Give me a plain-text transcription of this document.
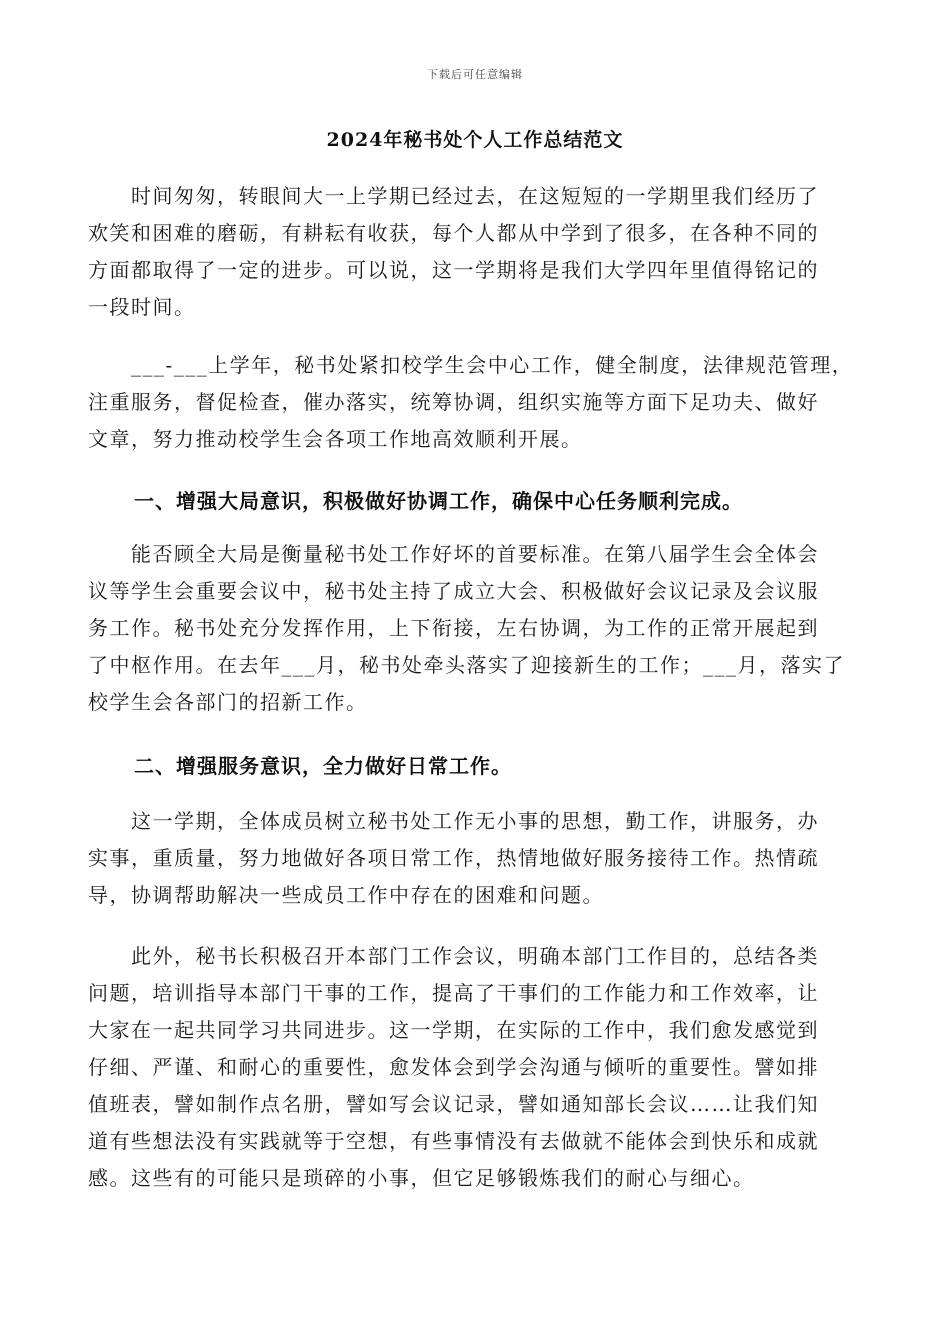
下载后可任意编辑
2024年秘书处个人工作总结范文

　　时间匆匆，转眼间大一上学期已经过去，在这短短的一学期里我们经历了
欢笑和困难的磨砺，有耕耘有收获，每个人都从中学到了很多，在各种不同的
方面都取得了一定的进步。可以说，这一学期将是我们大学四年里值得铭记的
一段时间。

　　___-___上学年，秘书处紧扣校学生会中心工作，健全制度，法律规范管理，
注重服务，督促检查，催办落实，统筹协调，组织实施等方面下足功夫、做好
文章，努力推动校学生会各项工作地高效顺利开展。

一、增强大局意识，积极做好协调工作，确保中心任务顺利完成。

　　能否顾全大局是衡量秘书处工作好坏的首要标准。在第八届学生会全体会
议等学生会重要会议中，秘书处主持了成立大会、积极做好会议记录及会议服
务工作。秘书处充分发挥作用，上下衔接，左右协调，为工作的正常开展起到
了中枢作用。在去年___月，秘书处牵头落实了迎接新生的工作；___月，落实了
校学生会各部门的招新工作。

二、增强服务意识，全力做好日常工作。

　　这一学期，全体成员树立秘书处工作无小事的思想，勤工作，讲服务，办
实事，重质量，努力地做好各项日常工作，热情地做好服务接待工作。热情疏
导，协调帮助解决一些成员工作中存在的困难和问题。

　　此外，秘书长积极召开本部门工作会议，明确本部门工作目的，总结各类
问题，培训指导本部门干事的工作，提高了干事们的工作能力和工作效率，让
大家在一起共同学习共同进步。这一学期，在实际的工作中，我们愈发感觉到
仔细、严谨、和耐心的重要性，愈发体会到学会沟通与倾听的重要性。譬如排
值班表，譬如制作点名册，譬如写会议记录，譬如通知部长会议……让我们知
道有些想法没有实践就等于空想，有些事情没有去做就不能体会到快乐和成就
感。这些有的可能只是琐碎的小事，但它足够锻炼我们的耐心与细心。
